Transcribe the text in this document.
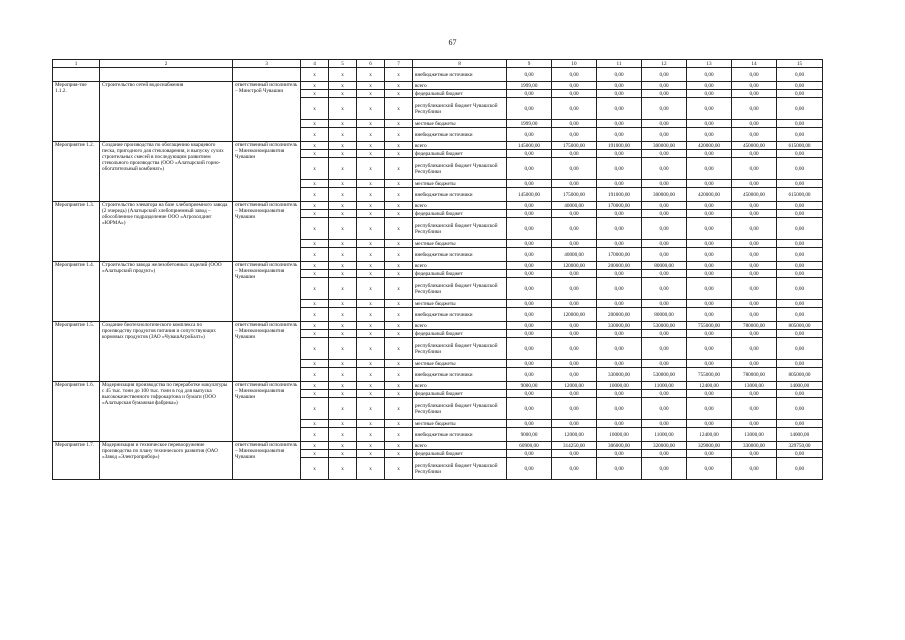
67
1	2	3	4	5	6	7	8	9	10	11	12	13	14	15
			х	х	х	х	внебюджетные источники	0,00	0,00	0,00	0,00	0,00	0,00	0,00
Мероприя-тие 1.1.2.	Строительство сетей водоснабжения	ответственный исполнитель – Минстрой Чувашии	х	х	х	х	всего	1999,00	0,00	0,00	0,00	0,00	0,00	0,00
			х	х	х	х	федеральный бюджет	0,00	0,00	0,00	0,00	0,00	0,00	0,00
			х	х	х	х	республиканский бюджет Чувашской Республики	0,00	0,00	0,00	0,00	0,00	0,00	0,00
			х	х	х	х	местные бюджеты	1999,00	0,00	0,00	0,00	0,00	0,00	0,00
			х	х	х	х	внебюджетные источники	0,00	0,00	0,00	0,00	0,00	0,00	0,00
Мероприятие 1.2.	Создание производства по обогащению кварцевого песка, пригодного для стекловарения, и выпуску сухих строительных смесей в последующим развитием стекольного производства (ООО «Алатырский горно-обогатительный комбинат»)	ответственный исполнитель – Минэкономразвития Чувашии	х	х	х	х	всего	145000,00	175000,00	191000,00	300000,00	420000,00	450000,00	615000,00
			х	х	х	х	федеральный бюджет	0,00	0,00	0,00	0,00	0,00	0,00	0,00
			х	х	х	х	республиканский бюджет Чувашской Республики	0,00	0,00	0,00	0,00	0,00	0,00	0,00
			х	х	х	х	местные бюджеты	0,00	0,00	0,00	0,00	0,00	0,00	0,00
			х	х	х	х	внебюджетные источники	145000,00	175000,00	191000,00	300000,00	420000,00	450000,00	615000,00
Мероприятие 1.3.	Строительство элеватора на базе хлебоприемного завода (2 очередь) (Алатырский хлебоприемный завод – обособленное подразделение ООО «Агрохолдинг «ЮРМА»)	ответственный исполнитель – Минэкономразвития Чувашии	х	х	х	х	всего	0,00	40000,00	170000,00	0,00	0,00	0,00	0,00
			х	х	х	х	федеральный бюджет	0,00	0,00	0,00	0,00	0,00	0,00	0,00
			х	х	х	х	республиканский бюджет Чувашской Республики	0,00	0,00	0,00	0,00	0,00	0,00	0,00
			х	х	х	х	местные бюджеты	0,00	0,00	0,00	0,00	0,00	0,00	0,00
			х	х	х	х	внебюджетные источники	0,00	40000,00	170000,00	0,00	0,00	0,00	0,00
Мероприятие 1.4.	Строительство завода железобетонных изделий (ООО «Алатырский продукт»)	ответственный исполнитель – Минэкономразвития Чувашии	х	х	х	х	всего	0,00	120000,00	200000,00	80000,00	0,00	0,00	0,00
			х	х	х	х	федеральный бюджет	0,00	0,00	0,00	0,00	0,00	0,00	0,00
			х	х	х	х	республиканский бюджет Чувашской Республики	0,00	0,00	0,00	0,00	0,00	0,00	0,00
			х	х	х	х	местные бюджеты	0,00	0,00	0,00	0,00	0,00	0,00	0,00
			х	х	х	х	внебюджетные источники	0,00	120000,00	200000,00	80000,00	0,00	0,00	0,00
Мероприятие 1.5.	Создание биотехнологического комплекса по производству продуктов питания и сопутствующих кормовых продуктов (ЗАО «ЧувашАгроБалт»)	ответственный исполнитель – Минэкономразвития Чувашии	х	х	х	х	всего	0,00	0,00	330000,00	530000,00	755000,00	780000,00	805000,00
			х	х	х	х	федеральный бюджет	0,00	0,00	0,00	0,00	0,00	0,00	0,00
			х	х	х	х	республиканский бюджет Чувашской Республики	0,00	0,00	0,00	0,00	0,00	0,00	0,00
			х	х	х	х	местные бюджеты	0,00	0,00	0,00	0,00	0,00	0,00	0,00
			х	х	х	х	внебюджетные источники	0,00	0,00	330000,00	530000,00	755000,00	780000,00	805000,00
Мероприятие 1.6.	Модернизация производства по переработке макулатуры с 45 тыс. тонн до 100 тыс. тонн в год для выпуска высококачественного гофрокартона и бумаги (ООО «Алатырская бумажная фабрика»)	ответственный исполнитель – Минэкономразвития Чувашии	х	х	х	х	всего	9000,00	12000,00	10000,00	11000,00	12400,00	13000,00	14000,00
			х	х	х	х	федеральный бюджет	0,00	0,00	0,00	0,00	0,00	0,00	0,00
			х	х	х	х	республиканский бюджет Чувашской Республики	0,00	0,00	0,00	0,00	0,00	0,00	0,00
			х	х	х	х	местные бюджеты	0,00	0,00	0,00	0,00	0,00	0,00	0,00
			х	х	х	х	внебюджетные источники	9000,00	12000,00	10000,00	11000,00	12400,00	13000,00	14000,00
Мероприятие 1.7.	Модернизация и техническое перевооружение производства по плану технического развития (ОАО «Завод «Электроприбор»)	ответственный исполнитель – Минэкономразвития Чувашии	х	х	х	х	всего	60900,00	314250,00	306000,00	320000,00	329000,00	330000,00	329750,00
			х	х	х	х	федеральный бюджет	0,00	0,00	0,00	0,00	0,00	0,00	0,00
			х	х	х	х	республиканский бюджет Чувашской Республики	0,00	0,00	0,00	0,00	0,00	0,00	0,00
